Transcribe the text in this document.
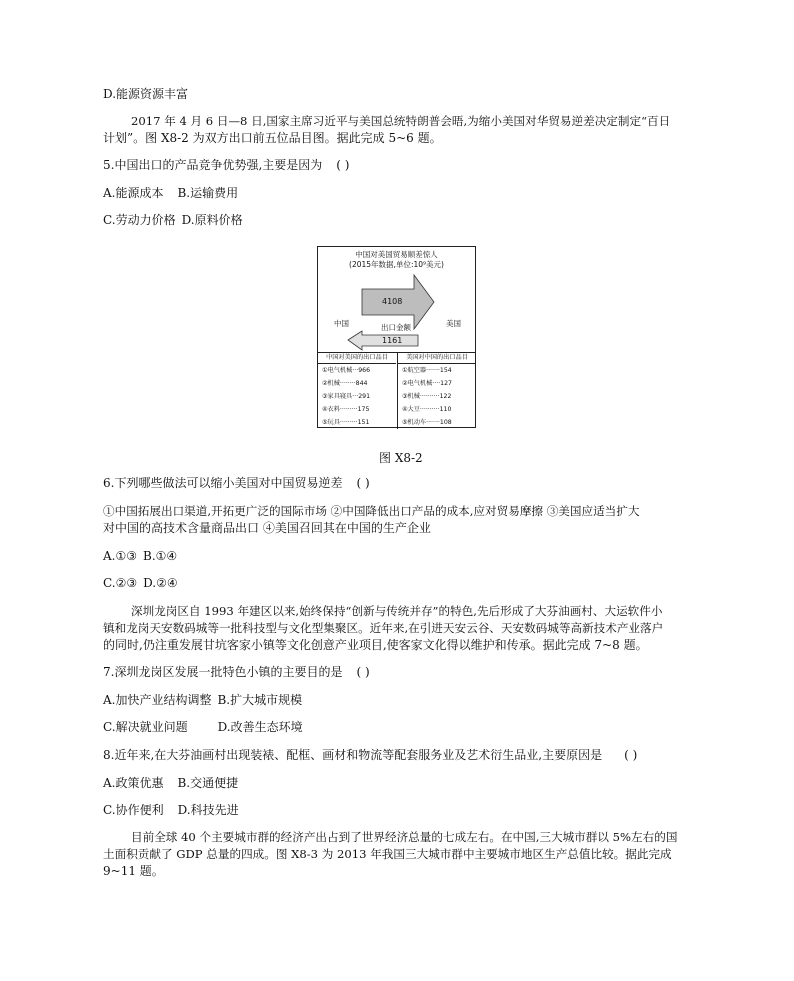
D.能源资源丰富
2017 年 4 月 6 日—8 日,国家主席习近平与美国总统特朗普会晤,为缩小美国对华贸易逆差决定制定“百日
计划”。图 X8-2 为双方出口前五位品目图。据此完成 5~6 题。
5.中国出口的产品竞争优势强,主要是因为 ( )
A.能源成本 B.运输费用
C.劳动力价格 D.原料价格
中国对美国贸易顺差惊人
(2015年数据,单位:10⁹美元)
4108
中国	出口金额	美国
1161
中国对美国的出口品目
①电气机械···966
②机械········844
③家具寝具···291
④衣料·········175
⑤玩具·········151
美国对中国的出口品目
①航空器·······154
②电气机械····127
③机械··········122
④大豆··········110
⑤机动车·······108
图 X8-2
6.下列哪些做法可以缩小美国对中国贸易逆差 ( )
①中国拓展出口渠道,开拓更广泛的国际市场 ②中国降低出口产品的成本,应对贸易摩擦 ③美国应适当扩大
对中国的高技术含量商品出口 ④美国召回其在中国的生产企业
A.①③ B.①④
C.②③ D.②④
深圳龙岗区自 1993 年建区以来,始终保持“创新与传统并存”的特色,先后形成了大芬油画村、大运软件小
镇和龙岗天安数码城等一批科技型与文化型集聚区。近年来,在引进天安云谷、天安数码城等高新技术产业落户
的同时,仍注重发展甘坑客家小镇等文化创意产业项目,使客家文化得以维护和传承。据此完成 7~8 题。
7.深圳龙岗区发展一批特色小镇的主要目的是 ( )
A.加快产业结构调整 B.扩大城市规模
C.解决就业问题	D.改善生态环境
8.近年来,在大芬油画村出现装裱、配框、画材和物流等配套服务业及艺术衍生品业,主要原因是 ( )
A.政策优惠 B.交通便捷
C.协作便利 D.科技先进
目前全球 40 个主要城市群的经济产出占到了世界经济总量的七成左右。在中国,三大城市群以 5%左右的国
土面积贡献了 GDP 总量的四成。图 X8-3 为 2013 年我国三大城市群中主要城市地区生产总值比较。据此完成
9~11 题。
